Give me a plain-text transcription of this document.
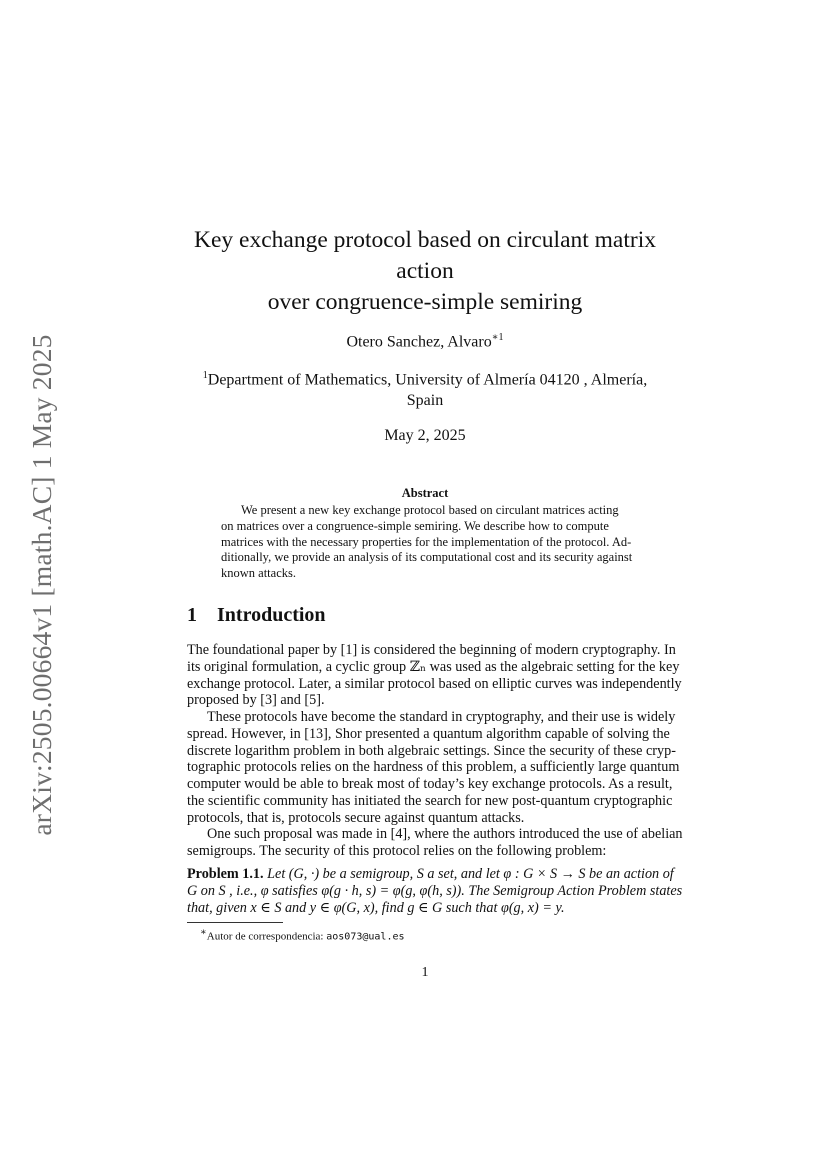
arXiv:2505.00664v1 [math.AC] 1 May 2025
Key exchange protocol based on circulant matrix
action
over congruence-simple semiring
Otero Sanchez, Alvaro$^{∗1}$
$^1$Department of Mathematics, University of Almería 04120 , Almería,
Spain
May 2, 2025
Abstract
We present a new key exchange protocol based on circulant matrices acting
on matrices over a congruence-simple semiring. We describe how to compute
matrices with the necessary properties for the implementation of the protocol. Ad-
ditionally, we provide an analysis of its computational cost and its security against
known attacks.
1 Introduction
The foundational paper by [1] is considered the beginning of modern cryptography. In
its original formulation, a cyclic group ℤₙ was used as the algebraic setting for the key
exchange protocol. Later, a similar protocol based on elliptic curves was independently
proposed by [3] and [5].
These protocols have become the standard in cryptography, and their use is widely
spread. However, in [13], Shor presented a quantum algorithm capable of solving the
discrete logarithm problem in both algebraic settings. Since the security of these cryp-
tographic protocols relies on the hardness of this problem, a sufficiently large quantum
computer would be able to break most of today’s key exchange protocols. As a result,
the scientific community has initiated the search for new post-quantum cryptographic
protocols, that is, protocols secure against quantum attacks.
One such proposal was made in [4], where the authors introduced the use of abelian
semigroups. The security of this protocol relies on the following problem:
Problem 1.1. Let (G, ·) be a semigroup, S a set, and let φ : G × S → S be an action of
G on S , i.e., φ satisfies φ(g · h, s) = φ(g, φ(h, s)). The Semigroup Action Problem states
that, given x ∈ S and y ∈ φ(G, x), find g ∈ G such that φ(g, x) = y.
∗Autor de correspondencia: aos073@ual.es
1
